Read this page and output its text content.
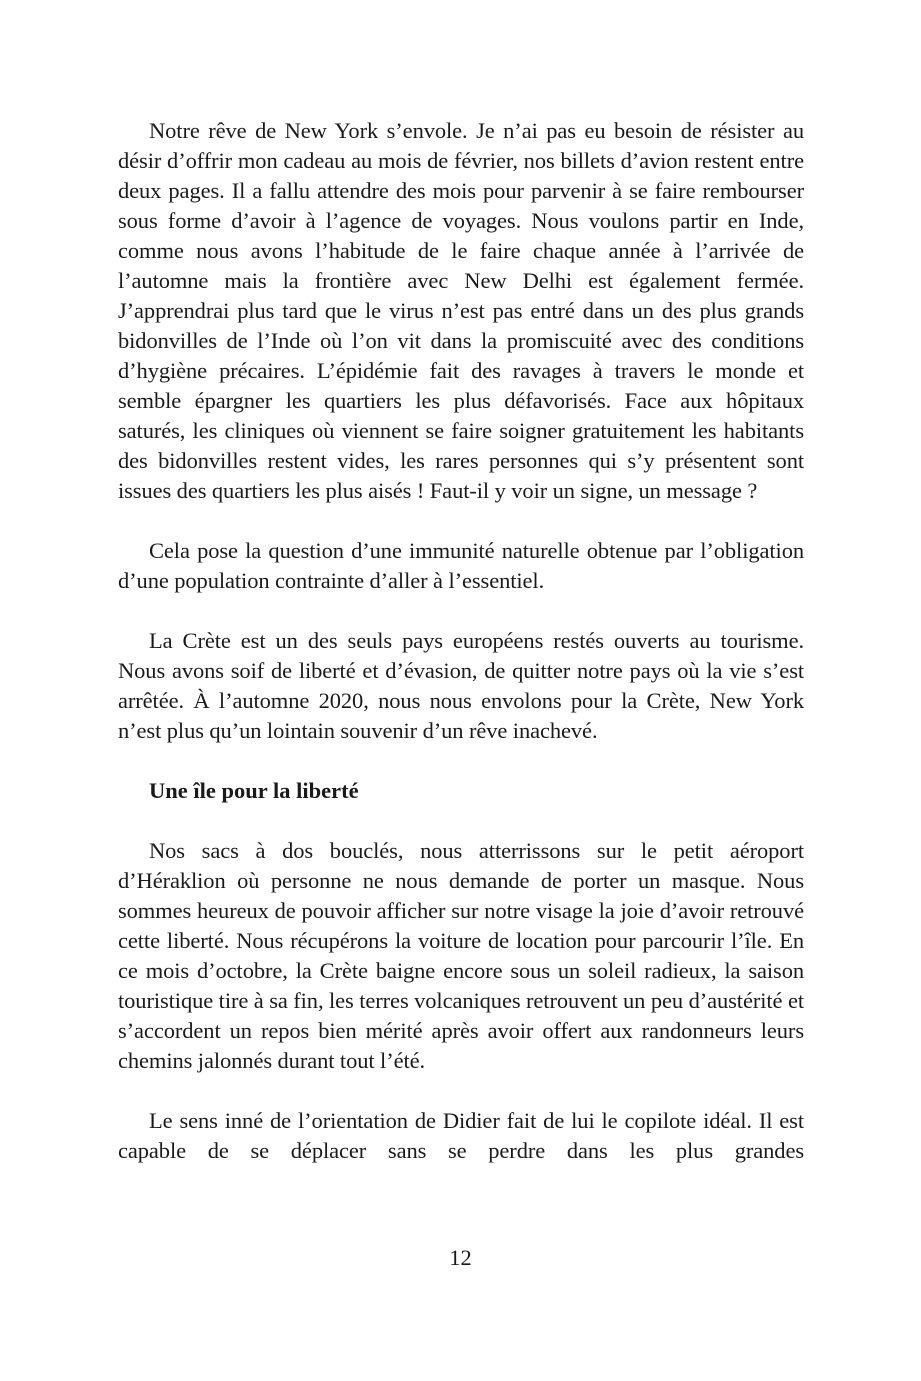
Notre rêve de New York s’envole. Je n’ai pas eu besoin de résister au désir d’offrir mon cadeau au mois de février, nos billets d’avion restent entre deux pages. Il a fallu attendre des mois pour parvenir à se faire rembourser sous forme d’avoir à l’agence de voyages. Nous voulons partir en Inde, comme nous avons l’habitude de le faire chaque année à l’arrivée de l’automne mais la frontière avec New Delhi est également fermée. J’apprendrai plus tard que le virus n’est pas entré dans un des plus grands bidonvilles de l’Inde où l’on vit dans la promiscuité avec des conditions d’hygiène précaires. L’épidémie fait des ravages à travers le monde et semble épargner les quartiers les plus défavorisés. Face aux hôpitaux saturés, les cliniques où viennent se faire soigner gratuitement les habitants des bidonvilles restent vides, les rares personnes qui s’y présentent sont issues des quartiers les plus aisés ! Faut-il y voir un signe, un message ?

Cela pose la question d’une immunité naturelle obtenue par l’obligation d’une population contrainte d’aller à l’essentiel.

La Crète est un des seuls pays européens restés ouverts au tourisme. Nous avons soif de liberté et d’évasion, de quitter notre pays où la vie s’est arrêtée. À l’automne 2020, nous nous envolons pour la Crète, New York n’est plus qu’un lointain souvenir d’un rêve inachevé.

Une île pour la liberté

Nos sacs à dos bouclés, nous atterrissons sur le petit aéroport d’Héraklion où personne ne nous demande de porter un masque. Nous sommes heureux de pouvoir afficher sur notre visage la joie d’avoir retrouvé cette liberté. Nous récupérons la voiture de location pour parcourir l’île. En ce mois d’octobre, la Crète baigne encore sous un soleil radieux, la saison touristique tire à sa fin, les terres volcaniques retrouvent un peu d’austérité et s’accordent un repos bien mérité après avoir offert aux randonneurs leurs chemins jalonnés durant tout l’été.

Le sens inné de l’orientation de Didier fait de lui le copilote idéal. Il est capable de se déplacer sans se perdre dans les plus grandes

12
